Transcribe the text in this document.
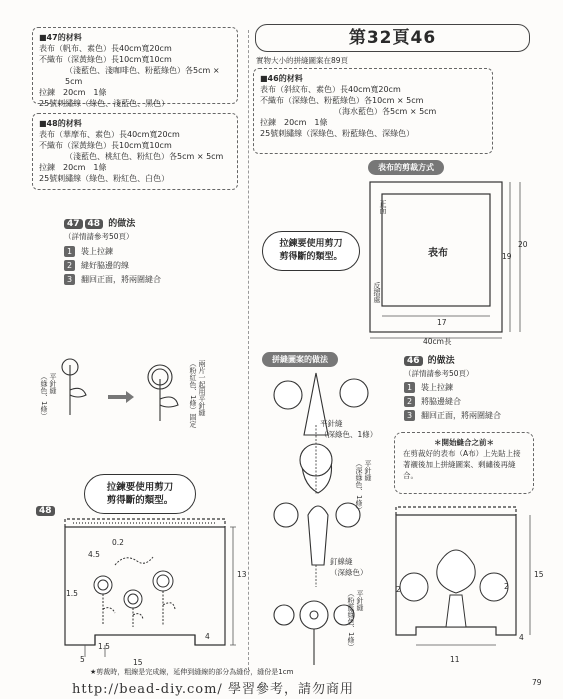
■47的材料
表布（帆布、素色）長40cm寬20cm
不織布（深黃綠色）長10cm寬10cm
（淺藍色、淺咖啡色、粉藍綠色）各5cm × 5cm
拉鍊　20cm　1條
25號刺繡線（綠色、淺藍色、黑色）
■48的材料
表布（華摩布、素色）長40cm寬20cm
不織布（深黃綠色）長10cm寬10cm
（淺藍色、桃紅色、粉紅色）各5cm × 5cm
拉鍊　20cm　1條
25號刺繡線（綠色、粉紅色、白色）
47 48 的做法
（詳情請參考50頁）
1 裝上拉鍊
2 縫好脇邊的線
3 翻回正面，將兩圍縫合
平針縫
（綠色、1條）	兩片一起用平針縫
（粉紅色、1條）固定
48
拉鍊要使用剪刀
剪得斷的類型。
0.2
4.5
1.5
1.5
5
13
4
15
第32頁46
實物大小的拼縫圖案在89頁
■46的材料
表布（斜紋布、素色）長40cm寬20cm
不織布（深綠色、粉藍綠色）各10cm × 5cm
（海水藍色）各5cm × 5cm
拉鍊　20cm　1條
25號刺繡線（深綠色、粉藍綠色、深綠色）
表布的剪裁方式
表布
17
19
20
40cm長
正面
反摺處
拉鍊要使用剪刀
剪得斷的類型。
拼縫圖案的做法
平針縫
（深綠色、1條）
平針縫
（深綠色、1條）
釘線縫
（深綠色）
平針縫
（粉藍綠色、1條）
46 的做法
（詳情請參考50頁）
1 裝上拉鍊
2 將脇邊縫合
3 翻回正面，將兩圍縫合
＊開始縫合之前＊
在剪裁好的表布（A布）上先貼上接著襯後加上拼縫圖案、剩繡後再縫合。
15
2	2
4
11
★剪裁時，粗線是完成線，延伸到縫線的部分為縫份，縫份是1cm
http://bead-diy.com/ 學習參考，請勿商用	79
